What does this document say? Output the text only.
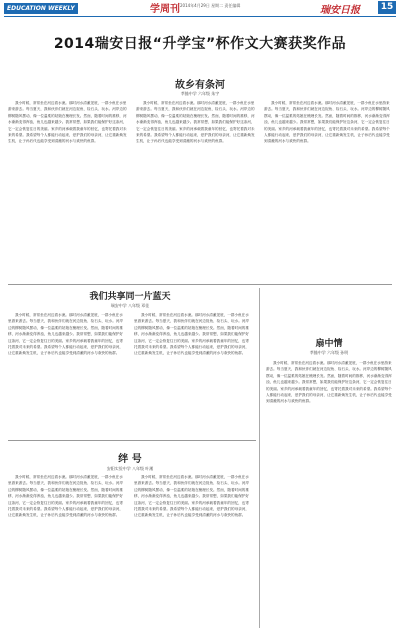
EDUCATION WEEKLY	学周刊 2014年4月29日 星期二 责任编辑	瑞安日报	15
2014瑞安日报“升学宝”杯作文大赛获奖作品
故乡有条河
莘塍中学 六年级 朱宇

我小时候，常常坐在河边看水流。那时河水清澈见底，一群小鱼在水里游来游去。每当夏天，我和伙伴们就在河边捉鱼、捡石头、玩水。河岸边的柳树随风摆动，像一位温柔的姑娘在梳理长发。然而，随着时间的推移，河水渐渐变得浑浊，鱼儿也越来越少。我常常想，如果我们能保护好这条河，它一定会恢复往日的美丽。家乡的河承载着我童年的回忆，也寄托着我对未来的希望。我希望每个人都能行动起来，爱护我们的母亲河，让它重新焕发生机，让子孙后代也能享受到清澈的河水与欢快的鱼群。

我小时候，常常坐在河边看水流。那时河水清澈见底，一群小鱼在水里游来游去。每当夏天，我和伙伴们就在河边捉鱼、捡石头、玩水。河岸边的柳树随风摆动，像一位温柔的姑娘在梳理长发。然而，随着时间的推移，河水渐渐变得浑浊，鱼儿也越来越少。我常常想，如果我们能保护好这条河，它一定会恢复往日的美丽。家乡的河承载着我童年的回忆，也寄托着我对未来的希望。我希望每个人都能行动起来，爱护我们的母亲河，让它重新焕发生机，让子孙后代也能享受到清澈的河水与欢快的鱼群。

我小时候，常常坐在河边看水流。那时河水清澈见底，一群小鱼在水里游来游去。每当夏天，我和伙伴们就在河边捉鱼、捡石头、玩水。河岸边的柳树随风摆动，像一位温柔的姑娘在梳理长发。然而，随着时间的推移，河水渐渐变得浑浊，鱼儿也越来越少。我常常想，如果我们能保护好这条河，它一定会恢复往日的美丽。家乡的河承载着我童年的回忆，也寄托着我对未来的希望。我希望每个人都能行动起来，爱护我们的母亲河，让它重新焕发生机，让子孙后代也能享受到清澈的河水与欢快的鱼群。

我们共享同一片蓝天
瑞安中学 八年级 邓佳

我小时候，常常坐在河边看水流。那时河水清澈见底，一群小鱼在水里游来游去。每当夏天，我和伙伴们就在河边捉鱼、捡石头、玩水。河岸边的柳树随风摆动，像一位温柔的姑娘在梳理长发。然而，随着时间的推移，河水渐渐变得浑浊，鱼儿也越来越少。我常常想，如果我们能保护好这条河，它一定会恢复往日的美丽。家乡的河承载着我童年的回忆，也寄托着我对未来的希望。我希望每个人都能行动起来，爱护我们的母亲河，让它重新焕发生机，让子孙后代也能享受到清澈的河水与欢快的鱼群。

我小时候，常常坐在河边看水流。那时河水清澈见底，一群小鱼在水里游来游去。每当夏天，我和伙伴们就在河边捉鱼、捡石头、玩水。河岸边的柳树随风摆动，像一位温柔的姑娘在梳理长发。然而，随着时间的推移，河水渐渐变得浑浊，鱼儿也越来越少。我常常想，如果我们能保护好这条河，它一定会恢复往日的美丽。家乡的河承载着我童年的回忆，也寄托着我对未来的希望。我希望每个人都能行动起来，爱护我们的母亲河，让它重新焕发生机，让子孙后代也能享受到清澈的河水与欢快的鱼群。

绊 号
安阳实验中学 八年级 叶湘

我小时候，常常坐在河边看水流。那时河水清澈见底，一群小鱼在水里游来游去。每当夏天，我和伙伴们就在河边捉鱼、捡石头、玩水。河岸边的柳树随风摆动，像一位温柔的姑娘在梳理长发。然而，随着时间的推移，河水渐渐变得浑浊，鱼儿也越来越少。我常常想，如果我们能保护好这条河，它一定会恢复往日的美丽。家乡的河承载着我童年的回忆，也寄托着我对未来的希望。我希望每个人都能行动起来，爱护我们的母亲河，让它重新焕发生机，让子孙后代也能享受到清澈的河水与欢快的鱼群。

我小时候，常常坐在河边看水流。那时河水清澈见底，一群小鱼在水里游来游去。每当夏天，我和伙伴们就在河边捉鱼、捡石头、玩水。河岸边的柳树随风摆动，像一位温柔的姑娘在梳理长发。然而，随着时间的推移，河水渐渐变得浑浊，鱼儿也越来越少。我常常想，如果我们能保护好这条河，它一定会恢复往日的美丽。家乡的河承载着我童年的回忆，也寄托着我对未来的希望。我希望每个人都能行动起来，爱护我们的母亲河，让它重新焕发生机，让子孙后代也能享受到清澈的河水与欢快的鱼群。

扇中情
莘塍中学 六年级 孙明

我小时候，常常坐在河边看水流。那时河水清澈见底，一群小鱼在水里游来游去。每当夏天，我和伙伴们就在河边捉鱼、捡石头、玩水。河岸边的柳树随风摆动，像一位温柔的姑娘在梳理长发。然而，随着时间的推移，河水渐渐变得浑浊，鱼儿也越来越少。我常常想，如果我们能保护好这条河，它一定会恢复往日的美丽。家乡的河承载着我童年的回忆，也寄托着我对未来的希望。我希望每个人都能行动起来，爱护我们的母亲河，让它重新焕发生机，让子孙后代也能享受到清澈的河水与欢快的鱼群。
